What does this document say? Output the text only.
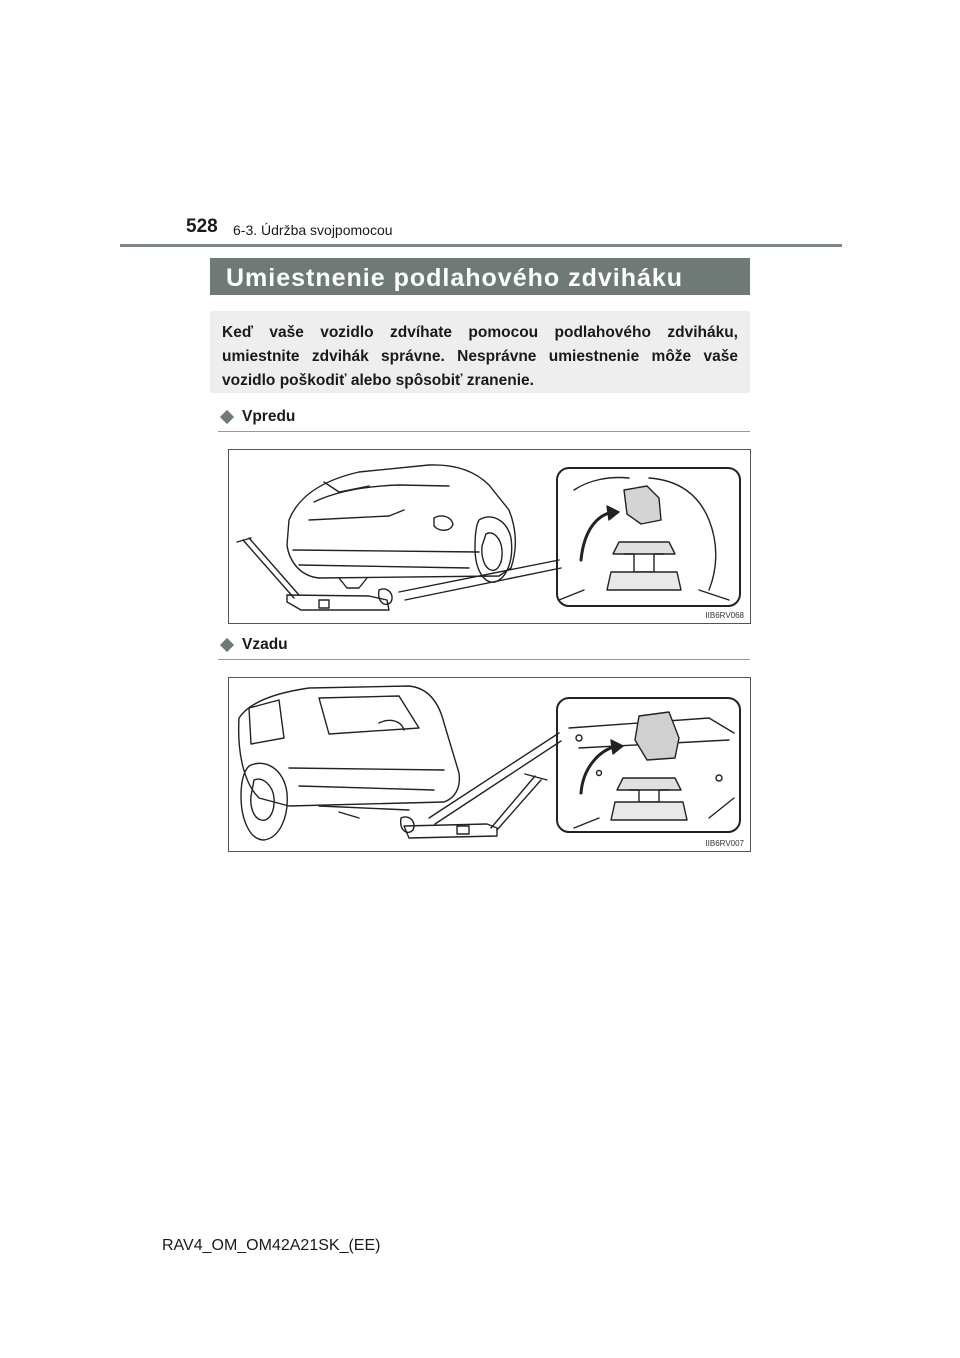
528 6-3. Údržba svojpomocou
Umiestnenie podlahového zdviháku
Keď vaše vozidlo zdvíhate pomocou podlahového zdviháku, umiestnite zdvihák správne. Nesprávne umiestnenie môže vaše vozidlo poškodiť alebo spôsobiť zranenie.
Vpredu
IIB6RV068
Vzadu
IIB6RV007
RAV4_OM_OM42A21SK_(EE)
